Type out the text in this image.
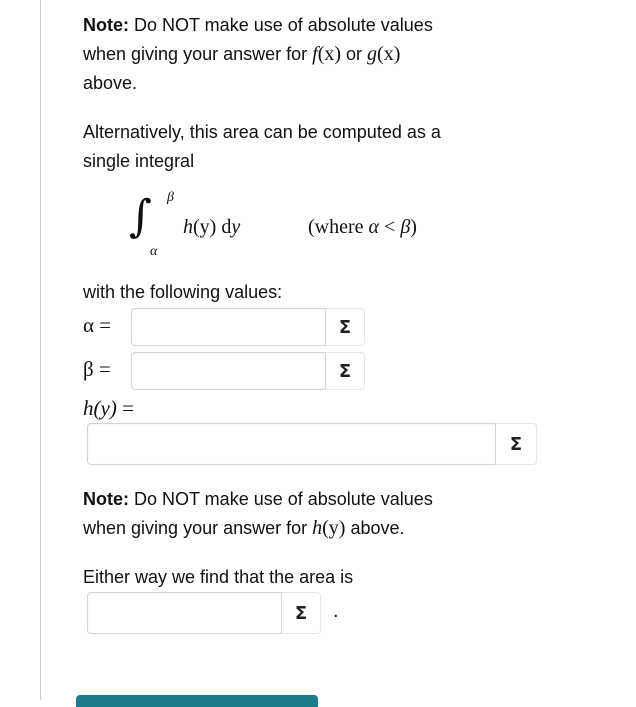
Note: Do NOT make use of absolute values
when giving your answer for f(x) or g(x)
above.
Alternatively, this area can be computed as a
single integral
∫ β
α
h(y) dy	(where α < β)
with the following values:
α =	Σ
β =	Σ
h(y) =
Σ
Note: Do NOT make use of absolute values
when giving your answer for h(y) above.
Either way we find that the area is
Σ .
